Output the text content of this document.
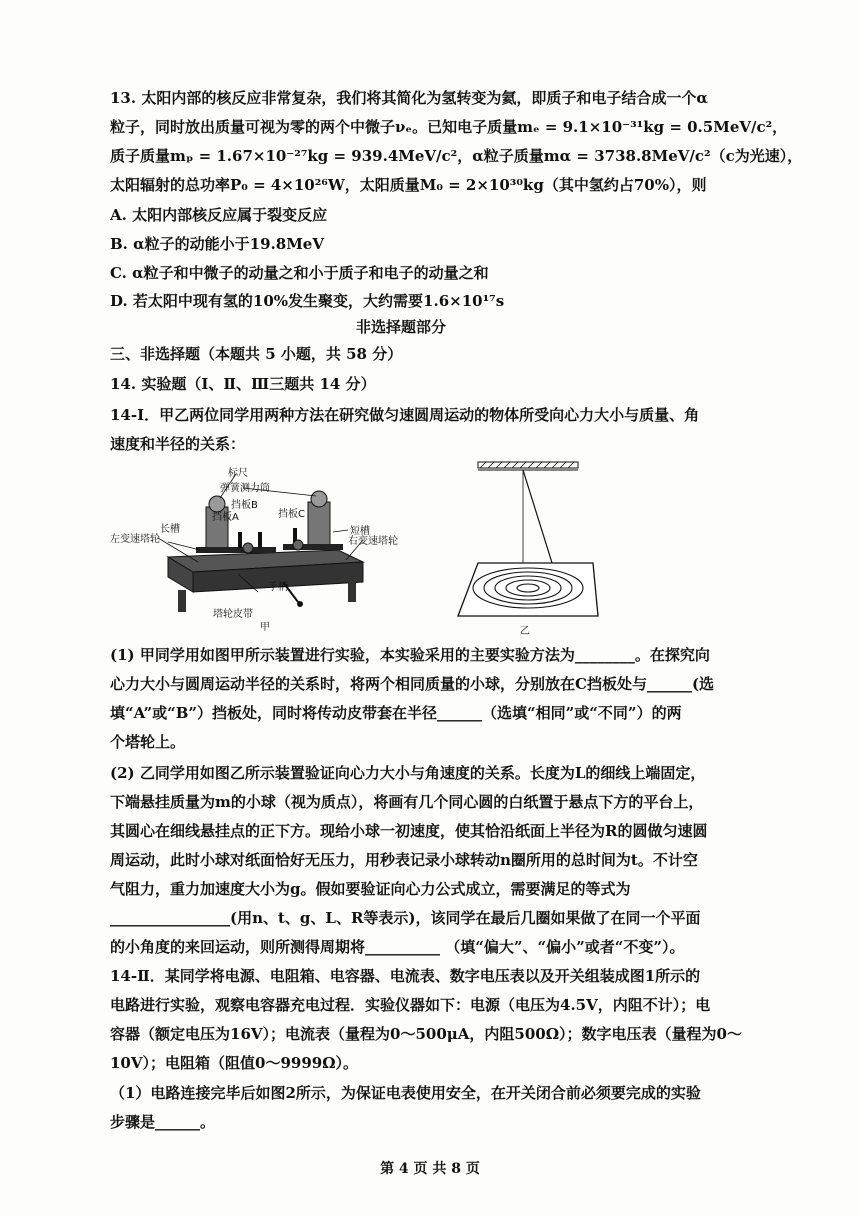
13. 太阳内部的核反应非常复杂，我们将其简化为氢转变为氦，即质子和电子结合成一个α
粒子，同时放出质量可视为零的两个中微子νₑ。已知电子质量mₑ = 9.1×10⁻³¹kg = 0.5MeV/c²，
质子质量mₚ = 1.67×10⁻²⁷kg = 939.4MeV/c²，α粒子质量mα = 3738.8MeV/c²（c为光速），
太阳辐射的总功率P₀ = 4×10²⁶W，太阳质量M₀ = 2×10³⁰kg（其中氢约占70%），则
A. 太阳内部核反应属于裂变反应
B. α粒子的动能小于19.8MeV
C. α粒子和中微子的动量之和小于质子和电子的动量之和
D. 若太阳中现有氢的10%发生聚变，大约需要1.6×10¹⁷s
非选择题部分
三、非选择题（本题共 5 小题，共 58 分）
14. 实验题（Ⅰ、Ⅱ、Ⅲ三题共 14 分）
14-Ⅰ．甲乙两位同学用两种方法在研究做匀速圆周运动的物体所受向心力大小与质量、角
速度和半径的关系：
标尺
弹簧测力筒
挡板B
挡板A	挡板C
长槽	短槽
左变速塔轮	右变速塔轮
手柄
塔轮皮带
甲	乙
(1) 甲同学用如图甲所示装置进行实验，本实验采用的主要实验方法为________。在探究向
心力大小与圆周运动半径的关系时，将两个相同质量的小球，分别放在C挡板处与______(选
填“A”或“B”）挡板处，同时将传动皮带套在半径______（选填“相同”或“不同”）的两
个塔轮上。
(2) 乙同学用如图乙所示装置验证向心力大小与角速度的关系。长度为L的细线上端固定，
下端悬挂质量为m的小球（视为质点），将画有几个同心圆的白纸置于悬点下方的平台上，
其圆心在细线悬挂点的正下方。现给小球一初速度，使其恰沿纸面上半径为R的圆做匀速圆
周运动，此时小球对纸面恰好无压力，用秒表记录小球转动n圈所用的总时间为t。不计空
气阻力，重力加速度大小为g。假如要验证向心力公式成立，需要满足的等式为
________________(用n、t、g、L、R等表示)，该同学在最后几圈如果做了在同一个平面
的小角度的来回运动，则所测得周期将__________ （填“偏大”、“偏小”或者“不变”）。
14-Ⅱ．某同学将电源、电阻箱、电容器、电流表、数字电压表以及开关组装成图1所示的
电路进行实验，观察电容器充电过程．实验仪器如下：电源（电压为4.5V，内阻不计）；电
容器（额定电压为16V）；电流表（量程为0～500μA，内阻500Ω）；数字电压表（量程为0～
10V）；电阻箱（阻值0～9999Ω）。
（1）电路连接完毕后如图2所示，为保证电表使用安全，在开关闭合前必须要完成的实验
步骤是______。
第 4 页 共 8 页
